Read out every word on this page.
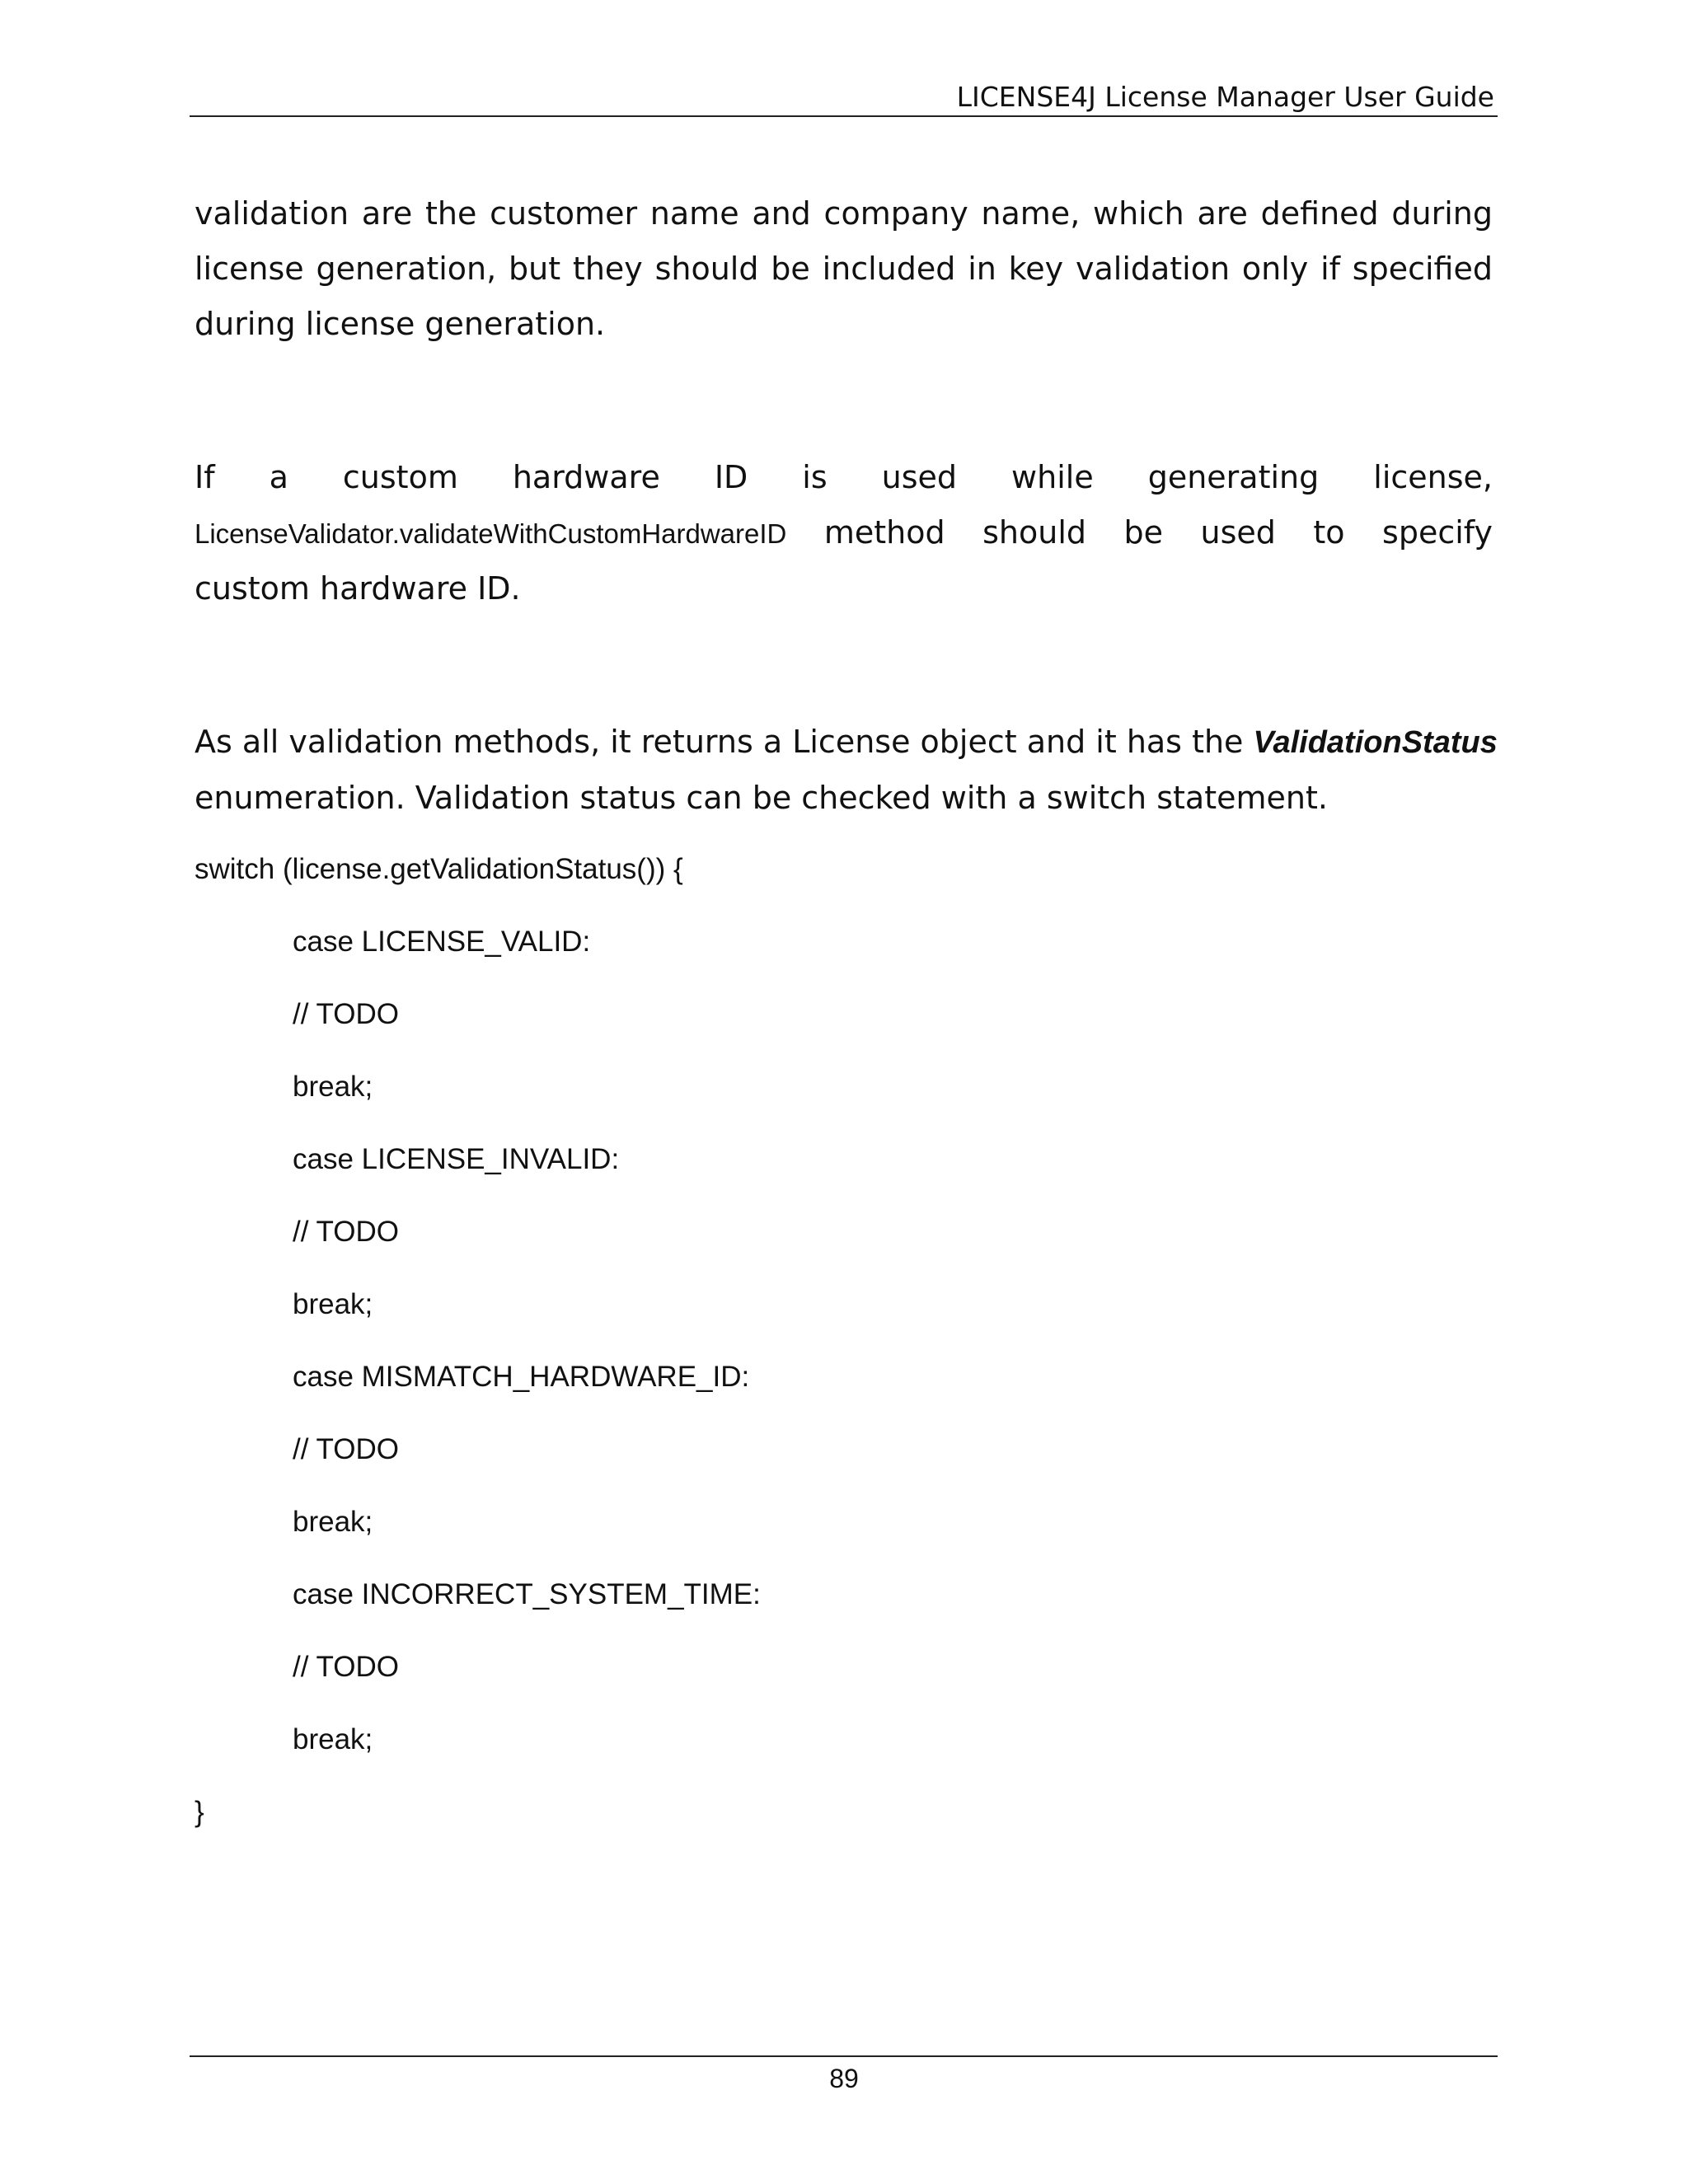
LICENSE4J License Manager User Guide
validation are the customer name and company name, which are defined during
license generation, but they should be included in key validation only if specified
during license generation.
If a custom hardware ID is used while generating license,
LicenseValidator.validateWithCustomHardwareID method should be used to specify
custom hardware ID.
As all validation methods, it returns a License object and it has the ValidationStatus
enumeration. Validation status can be checked with a switch statement.
switch (license.getValidationStatus()) {
case LICENSE_VALID:
// TODO
break;
case LICENSE_INVALID:
// TODO
break;
case MISMATCH_HARDWARE_ID:
// TODO
break;
case INCORRECT_SYSTEM_TIME:
// TODO
break;
}
89
